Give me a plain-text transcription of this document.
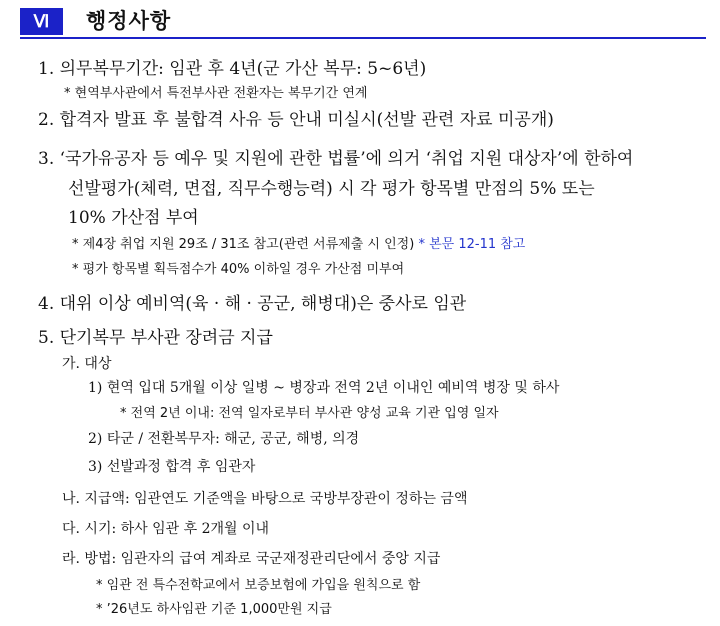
Ⅵ	행정사항
1. 의무복무기간: 임관 후 4년(군 가산 복무: 5~6년)
* 현역부사관에서 특전부사관 전환자는 복무기간 연계
2. 합격자 발표 후 불합격 사유 등 안내 미실시(선발 관련 자료 미공개)
3. ‘국가유공자 등 예우 및 지원에 관한 법률’에 의거 ‘취업 지원 대상자’에 한하여
선발평가(체력, 면접, 직무수행능력) 시 각 평가 항목별 만점의 5% 또는
10% 가산점 부여
* 제4장 취업 지원 29조 / 31조 참고(관련 서류제출 시 인정) * 본문 12-11 참고
* 평가 항목별 획득점수가 40% 이하일 경우 가산점 미부여
4. 대위 이상 예비역(육 · 해 · 공군, 해병대)은 중사로 임관
5. 단기복무 부사관 장려금 지급
가. 대상
1) 현역 입대 5개월 이상 일병 ~ 병장과 전역 2년 이내인 예비역 병장 및 하사
* 전역 2년 이내: 전역 일자로부터 부사관 양성 교육 기관 입영 일자
2) 타군 / 전환복무자: 해군, 공군, 해병, 의경
3) 선발과정 합격 후 임관자
나. 지급액: 임관연도 기준액을 바탕으로 국방부장관이 정하는 금액
다. 시기: 하사 임관 후 2개월 이내
라. 방법: 임관자의 급여 계좌로 국군재정관리단에서 중앙 지급
* 임관 전 특수전학교에서 보증보험에 가입을 원칙으로 함
* ’26년도 하사임관 기준 1,000만원 지급
